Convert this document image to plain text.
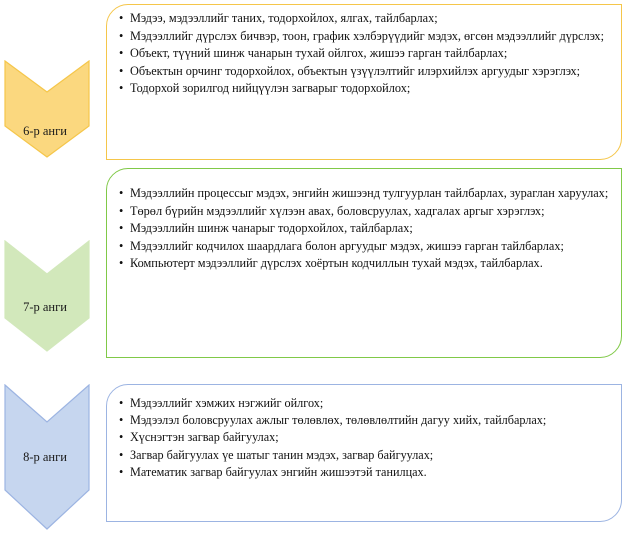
6-р анги
• Мэдээ, мэдээллийг таних, тодорхойлох, ялгах, тайлбарлах;
• Мэдээллийг дүрслэх бичвэр, тоон, график хэлбэрүүдийг мэдэх, өгсөн мэдээллийг дүрслэх;
• Объект, түүний шинж чанарын тухай ойлгох, жишээ гарган тайлбарлах;
• Объектын орчинг тодорхойлох, объектын үзүүлэлтийг илэрхийлэх аргуудыг хэрэглэх;
• Тодорхой зорилгод нийцүүлэн загварыг тодорхойлох;
7-р анги
• Мэдээллийн процессыг мэдэх, энгийн жишээнд тулгуурлан тайлбарлах, зураглан харуулах;
• Төрөл бүрийн мэдээллийг хүлээн авах, боловсруулах, хадгалах аргыг хэрэглэх;
• Мэдээллийн шинж чанарыг тодорхойлох, тайлбарлах;
• Мэдээллийг кодчилох шаардлага болон аргуудыг мэдэх, жишээ гарган тайлбарлах;
• Компьютерт мэдээллийг дүрслэх хоёртын кодчиллын тухай мэдэх, тайлбарлах.
8-р анги
• Мэдээллийг хэмжих нэгжийг ойлгох;
• Мэдээлэл боловсруулах ажлыг төлөвлөх, төлөвлөлтийн дагуу хийх, тайлбарлах;
• Хүснэгтэн загвар байгуулах;
• Загвар байгуулах үе шатыг танин мэдэх, загвар байгуулах;
• Математик загвар байгуулах энгийн жишээтэй танилцах.
